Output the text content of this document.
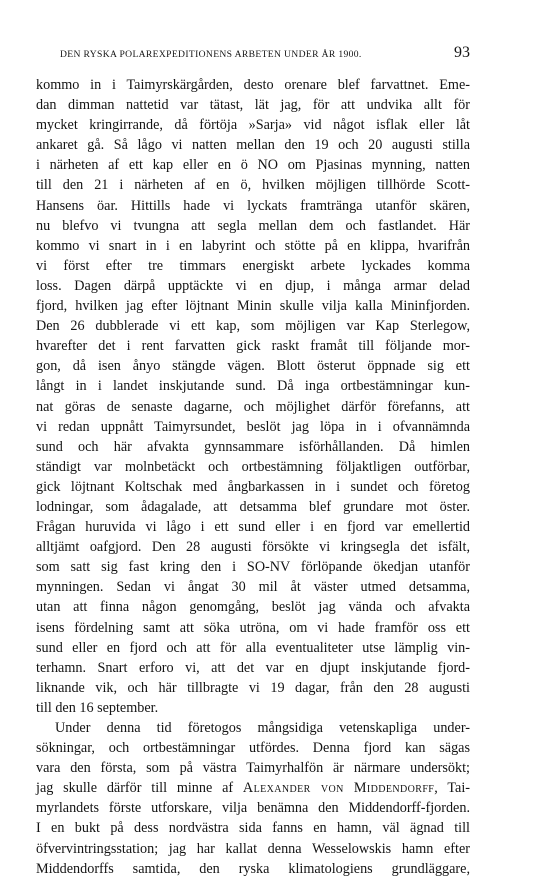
DEN RYSKA POLAREXPEDITIONENS ARBETEN UNDER ÅR 1900.	93
kommo in i Taimyrskärgården, desto orenare blef farvattnet. Eme-
dan dimman nattetid var tätast, lät jag, för att undvika allt för
mycket kringirrande, då förtöja »Sarja» vid något isflak eller låt
ankaret gå. Så lågo vi natten mellan den 19 och 20 augusti stilla
i närheten af ett kap eller en ö NO om Pjasinas mynning, natten
till den 21 i närheten af en ö, hvilken möjligen tillhörde Scott-
Hansens öar. Hittills hade vi lyckats framtränga utanför skären,
nu blefvo vi tvungna att segla mellan dem och fastlandet. Här
kommo vi snart in i en labyrint och stötte på en klippa, hvarifrån
vi först efter tre timmars energiskt arbete lyckades komma
loss. Dagen därpå upptäckte vi en djup, i många armar delad
fjord, hvilken jag efter löjtnant Minin skulle vilja kalla Mininfjorden.
Den 26 dubblerade vi ett kap, som möjligen var Kap Sterlegow,
hvarefter det i rent farvatten gick raskt framåt till följande mor-
gon, då isen ånyo stängde vägen. Blott österut öppnade sig ett
långt in i landet inskjutande sund. Då inga ortbestämningar kun-
nat göras de senaste dagarne, och möjlighet därför förefanns, att
vi redan uppnått Taimyrsundet, beslöt jag löpa in i ofvannämnda
sund och här afvakta gynnsammare isförhållanden. Då himlen
ständigt var molnbetäckt och ortbestämning följaktligen outförbar,
gick löjtnant Koltschak med ångbarkassen in i sundet och företog
lodningar, som ådagalade, att detsamma blef grundare mot öster.
Frågan huruvida vi lågo i ett sund eller i en fjord var emellertid
alltjämt oafgjord. Den 28 augusti försökte vi kringsegla det isfält,
som satt sig fast kring den i SO-NV förlöpande ökedjan utanför
mynningen. Sedan vi ångat 30 mil åt väster utmed detsamma,
utan att finna någon genomgång, beslöt jag vända och afvakta
isens fördelning samt att söka utröna, om vi hade framför oss ett
sund eller en fjord och att för alla eventualiteter utse lämplig vin-
terhamn. Snart erforo vi, att det var en djupt inskjutande fjord-
liknande vik, och här tillbragte vi 19 dagar, från den 28 augusti
till den 16 september.
Under denna tid företogos mångsidiga vetenskapliga under-
sökningar, och ortbestämningar utfördes. Denna fjord kan sägas
vara den första, som på västra Taimyrhalfön är närmare undersökt;
jag skulle därför till minne af Alexander von Middendorff, Tai-
myrlandets förste utforskare, vilja benämna den Middendorff-fjorden.
I en bukt på dess nordvästra sida fanns en hamn, väl ägnad till
öfvervintringsstation; jag har kallat denna Wesselowskis hamn efter
Middendorffs samtida, den ryska klimatologiens grundläggare,
